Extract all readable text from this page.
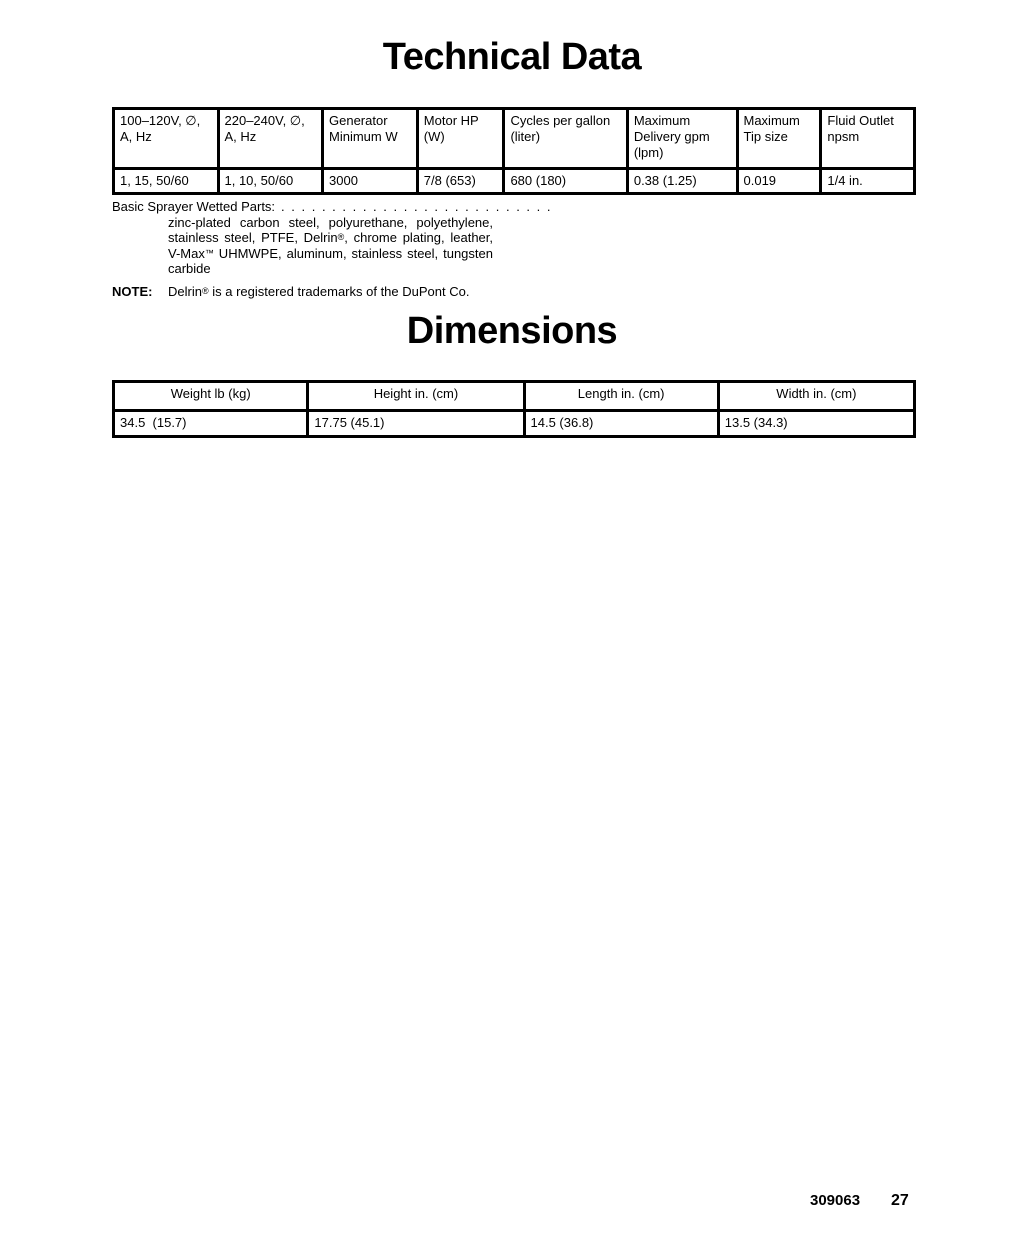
Technical Data
100–120V, ∅, A, Hz	220–240V, ∅, A, Hz	Generator Minimum W	Motor HP (W)	Cycles per gallon (liter)	Maximum Delivery gpm (lpm)	Maximum Tip size	Fluid Outlet npsm
1, 15, 50/60	1, 10, 50/60	3000	7/8 (653)	680 (180)	0.38 (1.25)	0.019	1/4 in.
Basic Sprayer Wetted Parts: . . . . . . . . . . . . . . . . . . . . . . . . . . .
zinc-plated carbon steel, polyurethane, polyethylene, stainless steel, PTFE, Delrin®, chrome plating, leather, V-Max™ UHMWPE, aluminum, stainless steel, tungsten carbide
NOTE: Delrin® is a registered trademarks of the DuPont Co.
Dimensions
Weight lb (kg)	Height in. (cm)	Length in. (cm)	Width in. (cm)
34.5  (15.7)	17.75 (45.1)	14.5 (36.8)	13.5 (34.3)
309063 27
